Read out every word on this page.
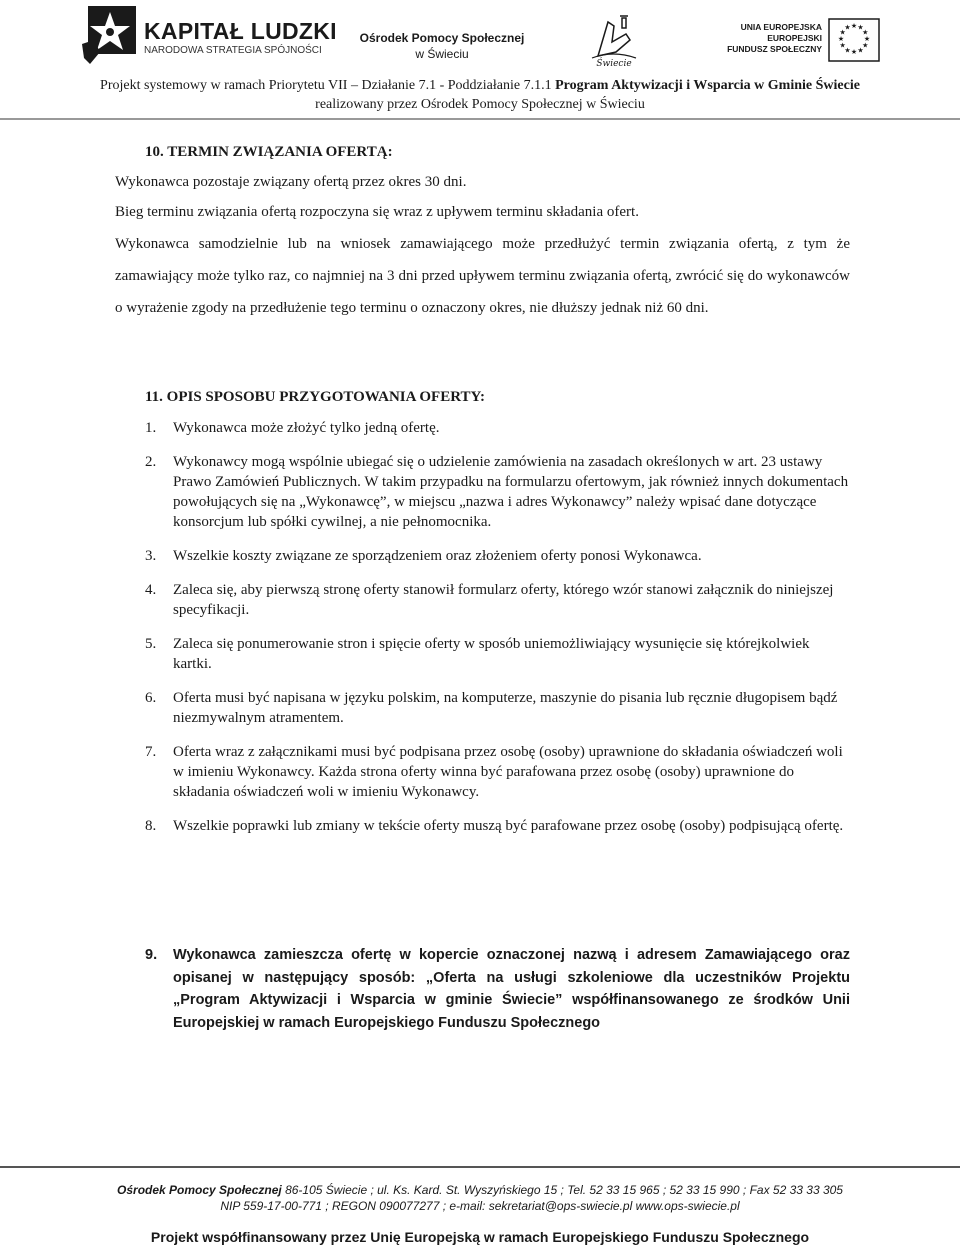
KAPITAŁ LUDZKI
NARODOWA STRATEGIA SPÓJNOŚCI
Ośrodek Pomocy Społecznej
w Świeciu
Świecie
UNIA EUROPEJSKA
EUROPEJSKI
FUNDUSZ SPOŁECZNY
★ ★
★
★
★
★
★
★
★
★
★
★
Projekt systemowy w ramach Priorytetu VII – Działanie 7.1 - Poddziałanie 7.1.1 Program Aktywizacji i Wsparcia w Gminie Świecie
realizowany przez Ośrodek Pomocy Społecznej w Świeciu

10. TERMIN ZWIĄZANIA OFERTĄ:

Wykonawca pozostaje związany ofertą przez okres 30 dni.

Bieg terminu związania ofertą rozpoczyna się wraz z upływem terminu składania ofert.

Wykonawca samodzielnie lub na wniosek zamawiającego może przedłużyć termin związania ofertą, z tym że zamawiający może tylko raz, co najmniej na 3 dni przed upływem terminu związania ofertą, zwrócić się do wykonawców o wyrażenie zgody na przedłużenie tego terminu o oznaczony okres, nie dłuższy jednak niż 60 dni.

11. OPIS SPOSOBU PRZYGOTOWANIA OFERTY:

1.	Wykonawca może złożyć tylko jedną ofertę.
2.	Wykonawcy mogą wspólnie ubiegać się o udzielenie zamówienia na zasadach określonych w art. 23 ustawy Prawo Zamówień Publicznych. W takim przypadku na formularzu ofertowym, jak również innych dokumentach powołujących się na „Wykonawcę”, w miejscu „nazwa i adres Wykonawcy” należy wpisać dane dotyczące konsorcjum lub spółki cywilnej, a nie pełnomocnika.
3.	Wszelkie koszty związane ze sporządzeniem oraz złożeniem oferty ponosi Wykonawca.
4.	Zaleca się, aby pierwszą stronę oferty stanowił formularz oferty, którego wzór stanowi załącznik do niniejszej specyfikacji.
5.	Zaleca się ponumerowanie stron i spięcie oferty w sposób uniemożliwiający wysunięcie się którejkolwiek kartki.
6.	Oferta musi być napisana w języku polskim, na komputerze, maszynie do pisania lub ręcznie długopisem bądź niezmywalnym atramentem.
7.	Oferta wraz z załącznikami musi być podpisana przez osobę (osoby) uprawnione do składania oświadczeń woli w imieniu Wykonawcy. Każda strona oferty winna być parafowana przez osobę (osoby) uprawnione do składania oświadczeń woli w imieniu Wykonawcy.
8.	Wszelkie poprawki lub zmiany w tekście oferty muszą być parafowane przez osobę (osoby) podpisującą ofertę.
9.	Wykonawca zamieszcza ofertę w kopercie oznaczonej nazwą i adresem Zamawiającego oraz opisanej w następujący sposób: „Oferta na usługi szkoleniowe dla uczestników Projektu „Program Aktywizacji i Wsparcia w gminie Świecie” współfinansowanego ze środków Unii Europejskiej w ramach Europejskiego Funduszu Społecznego
Ośrodek Pomocy Społecznej 86-105 Świecie ; ul. Ks. Kard. St. Wyszyńskiego 15 ; Tel. 52 33 15 965 ; 52 33 15 990 ; Fax 52 33 33 305
NIP 559-17-00-771 ; REGON 090077277 ; e-mail: sekretariat@ops-swiecie.pl www.ops-swiecie.pl
Projekt współfinansowany przez Unię Europejską w ramach Europejskiego Funduszu Społecznego
